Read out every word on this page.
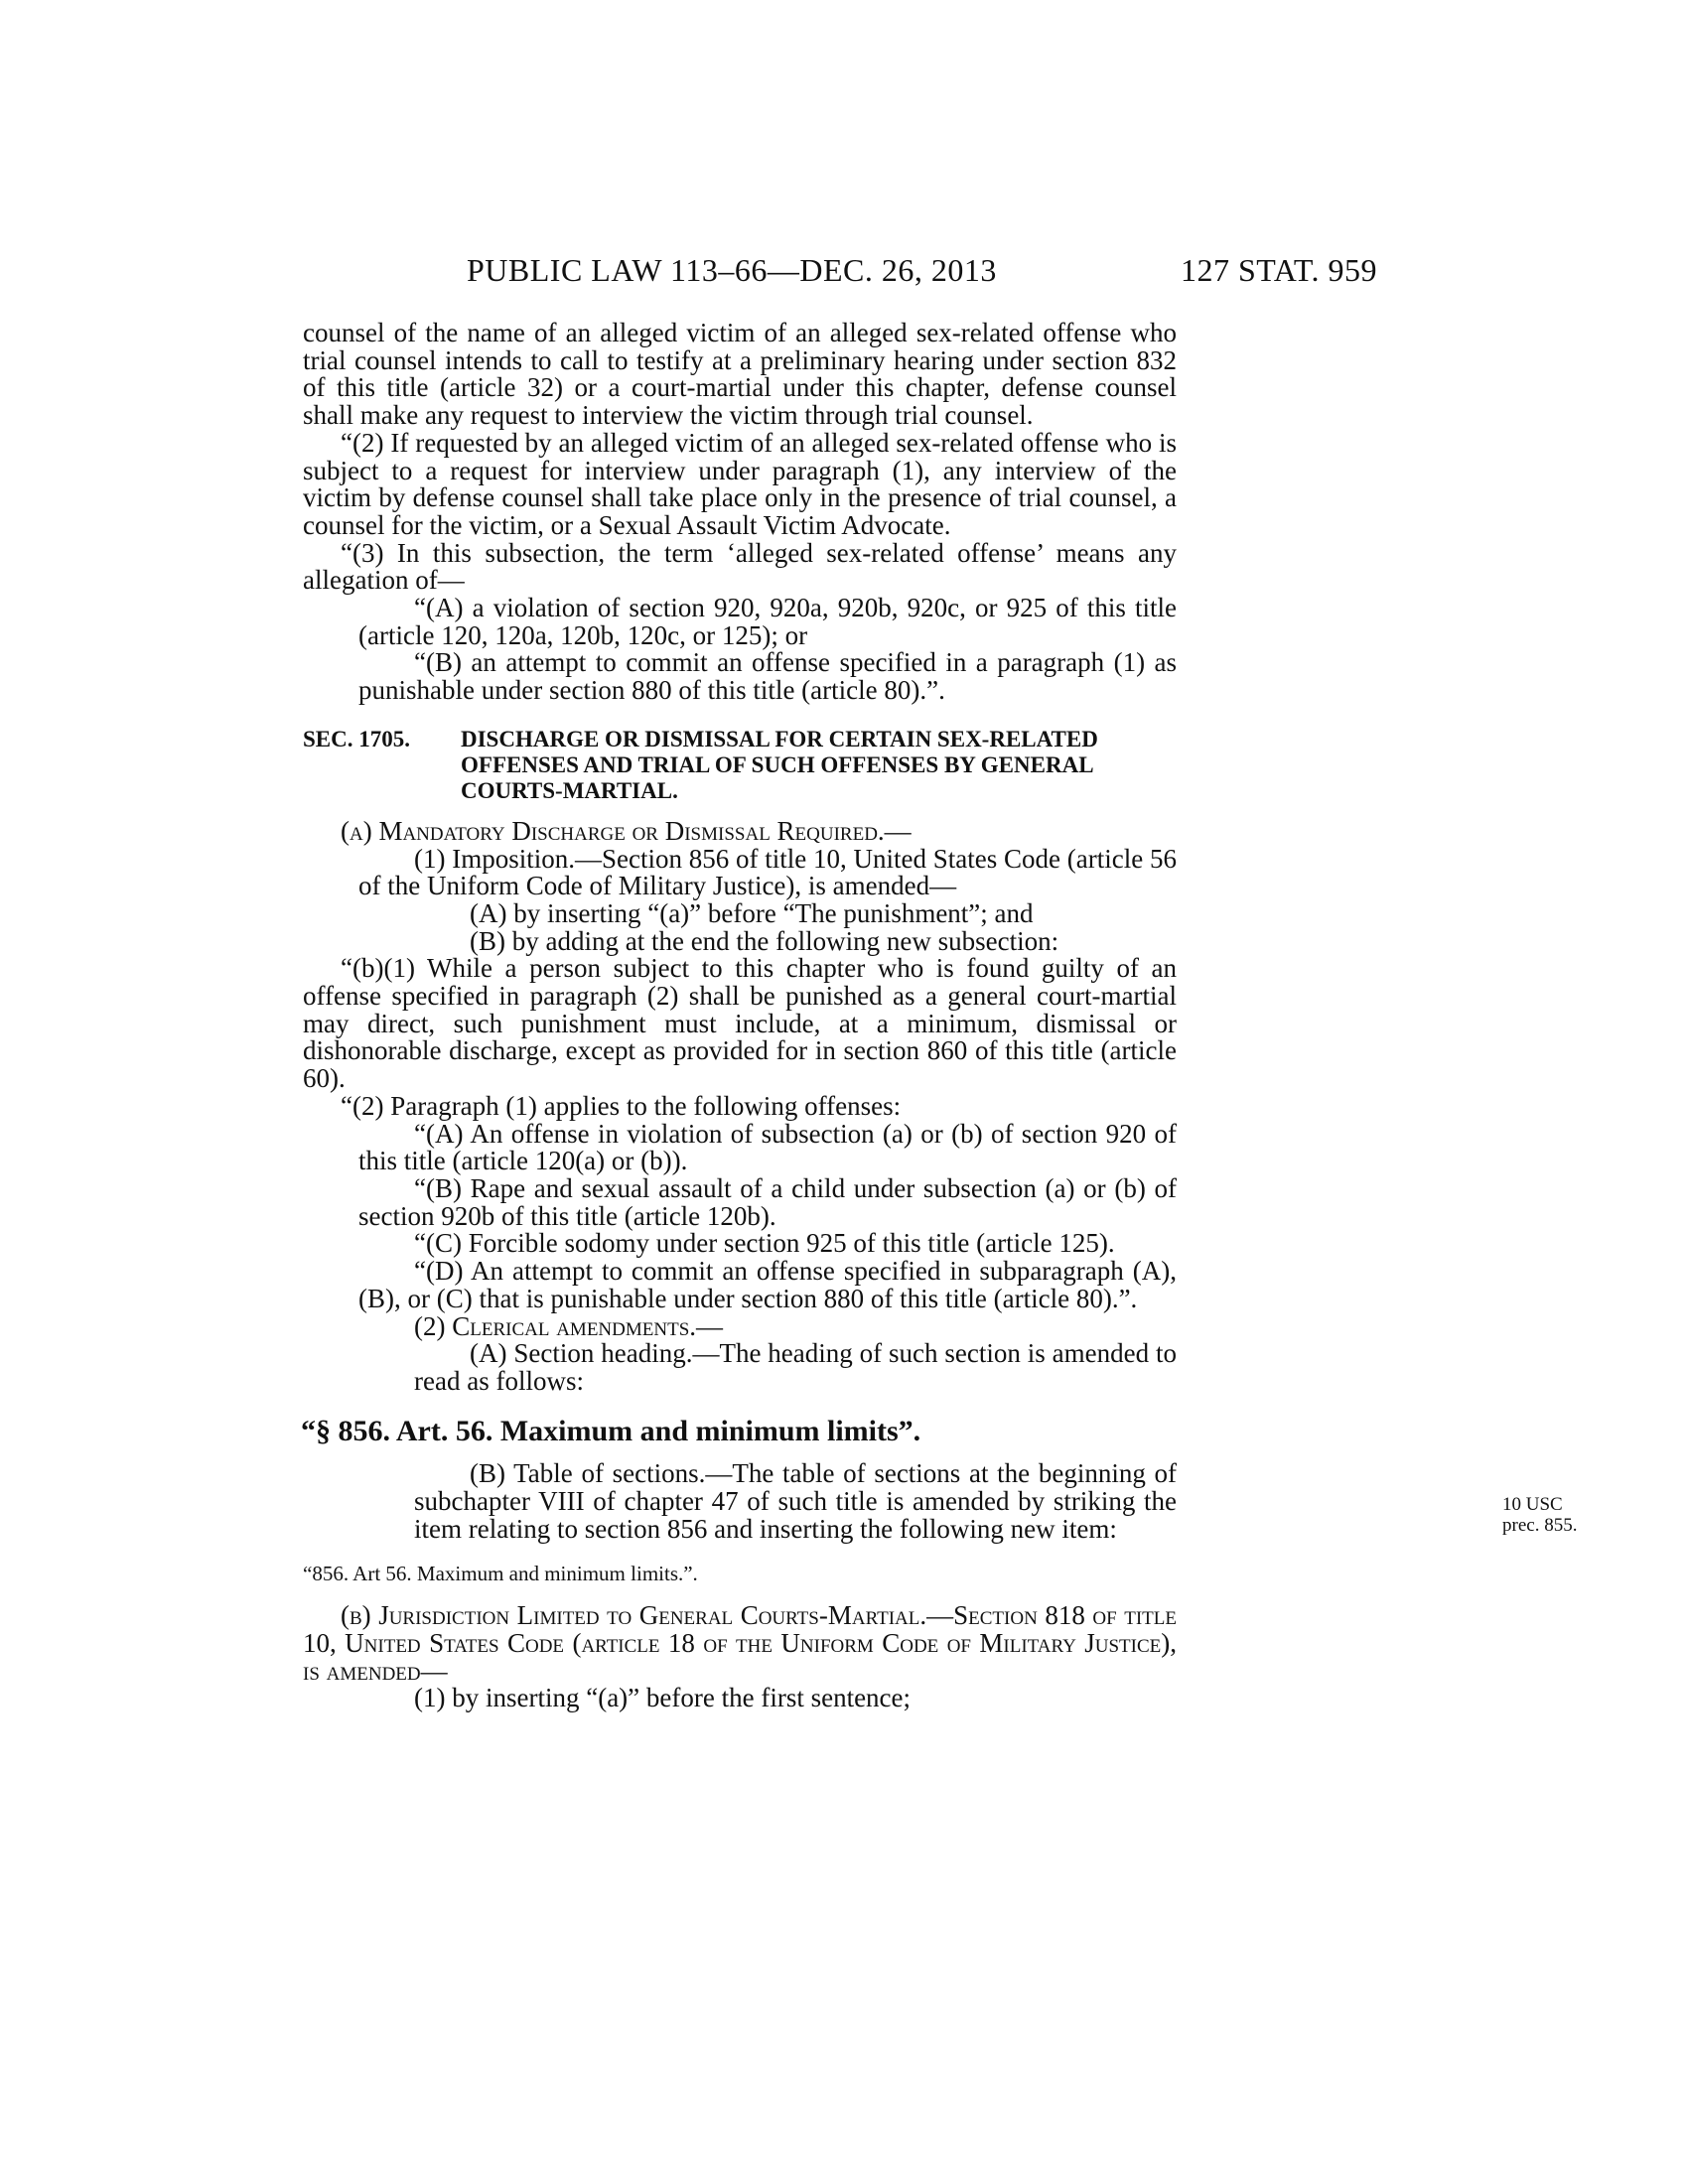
PUBLIC LAW 113–66—DEC. 26, 2013	127 STAT. 959

counsel of the name of an alleged victim of an alleged sex-related offense who trial counsel intends to call to testify at a preliminary hearing under section 832 of this title (article 32) or a court-martial under this chapter, defense counsel shall make any request to interview the victim through trial counsel.

“(2) If requested by an alleged victim of an alleged sex-related offense who is subject to a request for interview under paragraph (1), any interview of the victim by defense counsel shall take place only in the presence of trial counsel, a counsel for the victim, or a Sexual Assault Victim Advocate.

“(3) In this subsection, the term ‘alleged sex-related offense’ means any allegation of—

“(A) a violation of section 920, 920a, 920b, 920c, or 925 of this title (article 120, 120a, 120b, 120c, or 125); or

“(B) an attempt to commit an offense specified in a paragraph (1) as punishable under section 880 of this title (article 80).”.

SEC. 1705.	DISCHARGE OR DISMISSAL FOR CERTAIN SEX-RELATED OFFENSES AND TRIAL OF SUCH OFFENSES BY GENERAL COURTS-MARTIAL.

(a) Mandatory Discharge or Dismissal Required.—

(1) Imposition.—Section 856 of title 10, United States Code (article 56 of the Uniform Code of Military Justice), is amended—

(A) by inserting “(a)” before “The punishment”; and

(B) by adding at the end the following new subsection:

“(b)(1) While a person subject to this chapter who is found guilty of an offense specified in paragraph (2) shall be punished as a general court-martial may direct, such punishment must include, at a minimum, dismissal or dishonorable discharge, except as provided for in section 860 of this title (article 60).

“(2) Paragraph (1) applies to the following offenses:

“(A) An offense in violation of subsection (a) or (b) of section 920 of this title (article 120(a) or (b)).

“(B) Rape and sexual assault of a child under subsection (a) or (b) of section 920b of this title (article 120b).

“(C) Forcible sodomy under section 925 of this title (article 125).

“(D) An attempt to commit an offense specified in subparagraph (A), (B), or (C) that is punishable under section 880 of this title (article 80).”.

(2) Clerical amendments.—

(A) Section heading.—The heading of such section is amended to read as follows:

“§ 856. Art. 56. Maximum and minimum limits”.

(B) Table of sections.—The table of sections at the beginning of subchapter VIII of chapter 47 of such title is amended by striking the item relating to section 856 and inserting the following new item:

10 USC
prec. 855.

“856. Art 56. Maximum and minimum limits.”.

(b) Jurisdiction Limited to General Courts-Martial.—Section 818 of title 10, United States Code (article 18 of the Uniform Code of Military Justice), is amended—

(1) by inserting “(a)” before the first sentence;
